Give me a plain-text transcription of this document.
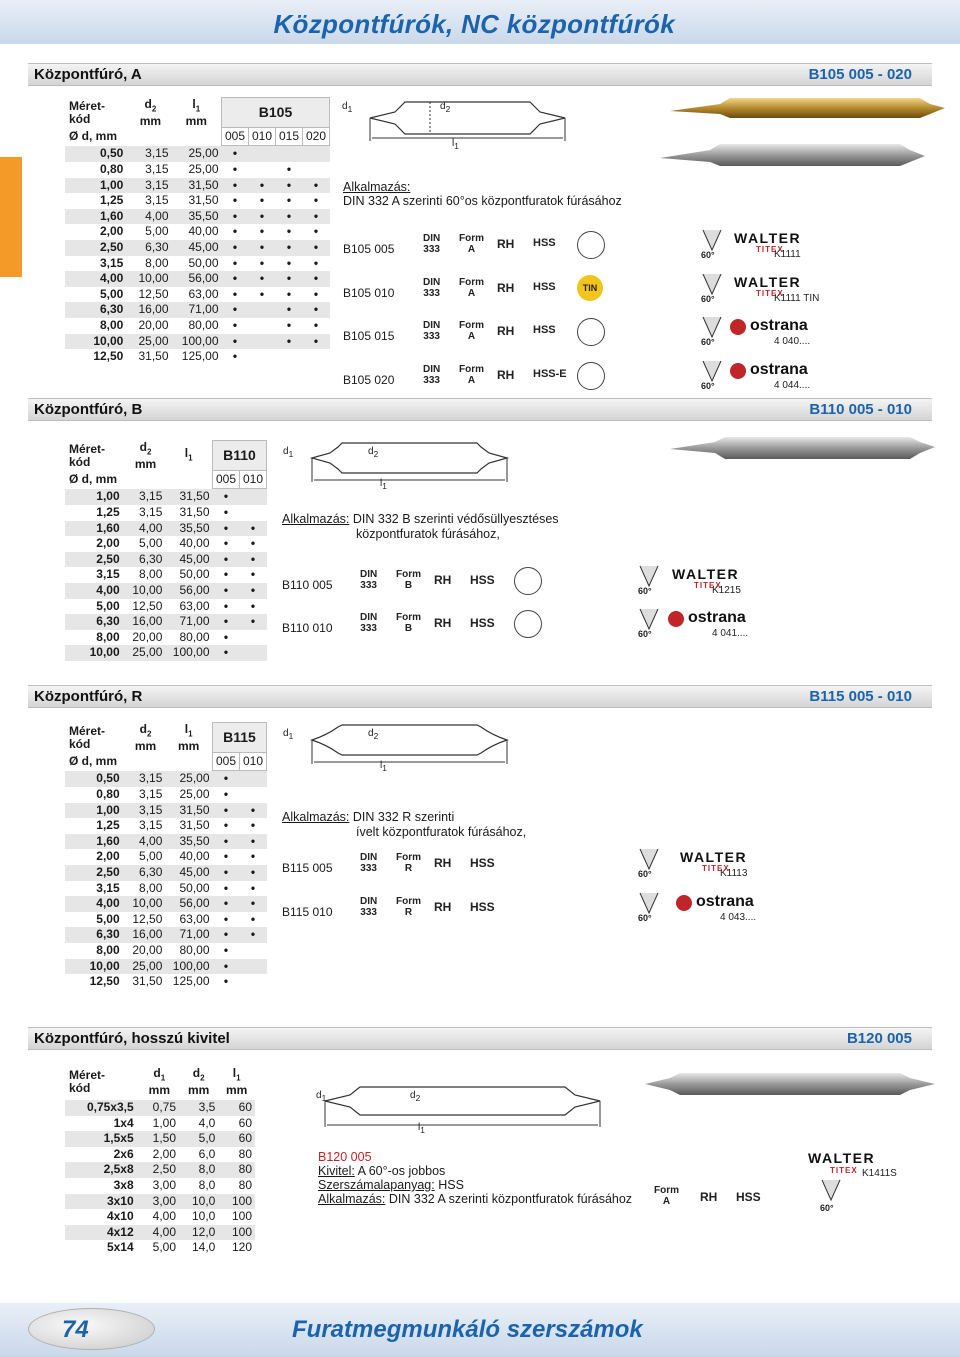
Központfúrók, NC központfúrók
Központfúró, A	B105 005 - 020
Méret-
kód	$d_2$
mm	$l_1$
mm	B105			
Ø d, mm			005	010	015	020
0,50	3,15	25,00	•			
0,80	3,15	25,00	•		•	
1,00	3,15	31,50	•	•	•	•
1,25	3,15	31,50	•	•	•	•
1,60	4,00	35,50	•	•	•	•
2,00	5,00	40,00	•	•	•	•
2,50	6,30	45,00	•	•	•	•
3,15	8,00	50,00	•	•	•	•
4,00	10,00	56,00	•	•	•	•
5,00	12,50	63,00	•	•	•	•
6,30	16,00	71,00	•		•	•
8,00	20,00	80,00	•		•	•
10,00	25,00	100,00	•		•	•
12,50	31,50	125,00	•			
$d_1$	$d_2$
$l_1$
Alkalmazás:
DIN 332 A szerinti 60°os központfuratok fúrásához
B105 005
DIN
333
Form
A	RH HSS
60°
WALTER
TITEX
K1111
B105 010
DIN
333
Form
A	RH HSS	TIN
60°
WALTER
TITEX
K1111 TIN
B105 015
DIN
333
Form
A	RH HSS
60°
ostrana
4 040....
B105 020
DIN
333
Form
A	RH HSS-E
60°
ostrana
4 044....
Központfúró, B	B110 005 - 010
Méret-
kód	$d_2$
mm	$l_1$	B110	
Ø d, mm			005	010
1,00	3,15	31,50	•	
1,25	3,15	31,50	•	
1,60	4,00	35,50	•	•
2,00	5,00	40,00	•	•
2,50	6,30	45,00	•	•
3,15	8,00	50,00	•	•
4,00	10,00	56,00	•	•
5,00	12,50	63,00	•	•
6,30	16,00	71,00	•	•
8,00	20,00	80,00	•	
10,00	25,00	100,00	•	
$d_1$	$d_2$
$l_1$
Alkalmazás: DIN 332 B szerinti védősüllyesztéses
központfuratok fúrásához,
B110 005
DIN
333
Form
B	RH HSS
60°
WALTER
TITEX
K1215
B110 010
DIN
333
Form
B	RH HSS
60°
ostrana
4 041....
Központfúró, R	B115 005 - 010
Méret-
kód	$d_2$
mm	$l_1$
mm	B115	
Ø d, mm			005	010
0,50	3,15	25,00	•	
0,80	3,15	25,00	•	
1,00	3,15	31,50	•	•
1,25	3,15	31,50	•	•
1,60	4,00	35,50	•	•
2,00	5,00	40,00	•	•
2,50	6,30	45,00	•	•
3,15	8,00	50,00	•	•
4,00	10,00	56,00	•	•
5,00	12,50	63,00	•	•
6,30	16,00	71,00	•	•
8,00	20,00	80,00	•	
10,00	25,00	100,00	•	
12,50	31,50	125,00	•	
$d_1$	$d_2$
$l_1$
Alkalmazás: DIN 332 R szerinti
ívelt központfuratok fúrásához,
B115 005
DIN
333
Form
R	RH HSS
60°
WALTER
TITEX
K1113
B115 010
DIN
333
Form
R	RH HSS
60°
ostrana
4 043....
Központfúró, hosszú kivitel	B120 005
Méret-
kód	$d_1$
mm	$d_2$
mm	$l_1$
mm
0,75x3,5	0,75	3,5	60
1x4	1,00	4,0	60
1,5x5	1,50	5,0	60
2x6	2,00	6,0	80
2,5x8	2,50	8,0	80
3x8	3,00	8,0	80
3x10	3,00	10,0	100
4x10	4,00	10,0	100
4x12	4,00	12,0	100
5x14	5,00	14,0	120
$d_1$	$d_2$
$l_1$
B120 005
Kivitel: A 60°-os jobbos
Szerszámalapanyag: HSS
Alkalmazás: DIN 332 A szerinti központfuratok fúrásához
Form
A	RH HSS
60°
WALTER
TITEX K1411S
74	Furatmegmunkáló szerszámok
